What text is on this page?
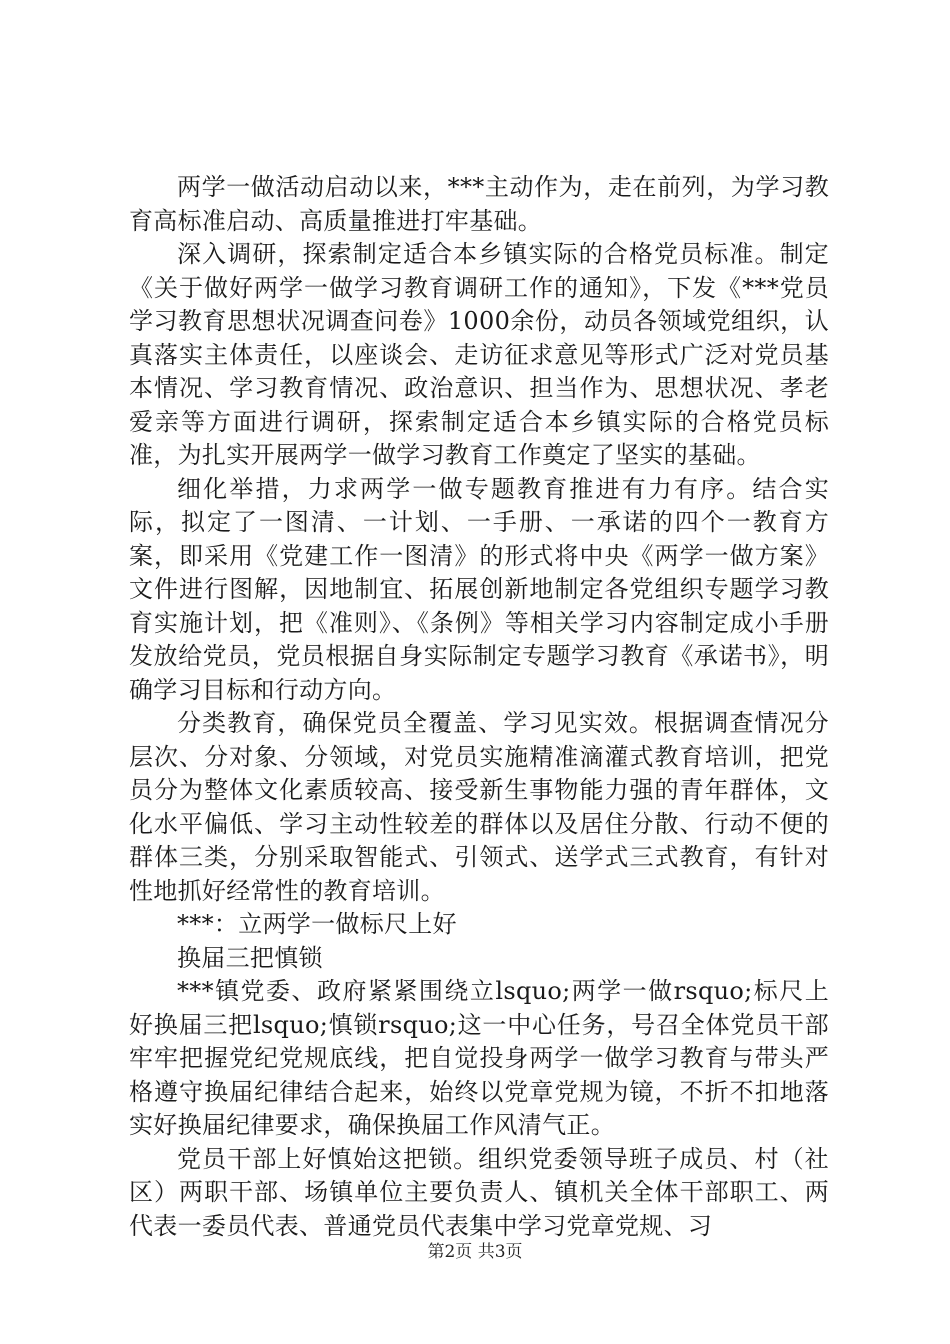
两学一做活动启动以来，***主动作为，走在前列，为学习教育高标准启动、高质量推进打牢基础。

深入调研，探索制定适合本乡镇实际的合格党员标准。制定《关于做好两学一做学习教育调研工作的通知》，下发《***党员学习教育思想状况调查问卷》1000余份，动员各领域党组织，认真落实主体责任，以座谈会、走访征求意见等形式广泛对党员基本情况、学习教育情况、政治意识、担当作为、思想状况、孝老爱亲等方面进行调研，探索制定适合本乡镇实际的合格党员标准，为扎实开展两学一做学习教育工作奠定了坚实的基础。

细化举措，力求两学一做专题教育推进有力有序。结合实际，拟定了一图清、一计划、一手册、一承诺的四个一教育方案，即采用《党建工作一图清》的形式将中央《两学一做方案》文件进行图解，因地制宜、拓展创新地制定各党组织专题学习教育实施计划，把《准则》、《条例》等相关学习内容制定成小手册发放给党员，党员根据自身实际制定专题学习教育《承诺书》，明确学习目标和行动方向。

分类教育，确保党员全覆盖、学习见实效。根据调查情况分层次、分对象、分领域，对党员实施精准滴灌式教育培训，把党员分为整体文化素质较高、接受新生事物能力强的青年群体，文化水平偏低、学习主动性较差的群体以及居住分散、行动不便的群体三类，分别采取智能式、引领式、送学式三式教育，有针对性地抓好经常性的教育培训。

***：立两学一做标尺上好

换届三把慎锁

***镇党委、政府紧紧围绕立lsquo;两学一做rsquo;标尺上好换届三把lsquo;慎锁rsquo;这一中心任务，号召全体党员干部牢牢把握党纪党规底线，把自觉投身两学一做学习教育与带头严格遵守换届纪律结合起来，始终以党章党规为镜，不折不扣地落实好换届纪律要求，确保换届工作风清气正。

党员干部上好慎始这把锁。组织党委领导班子成员、村（社区）两职干部、场镇单位主要负责人、镇机关全体干部职工、两代表一委员代表、普通党员代表集中学习党章党规、习

第2页 共3页
